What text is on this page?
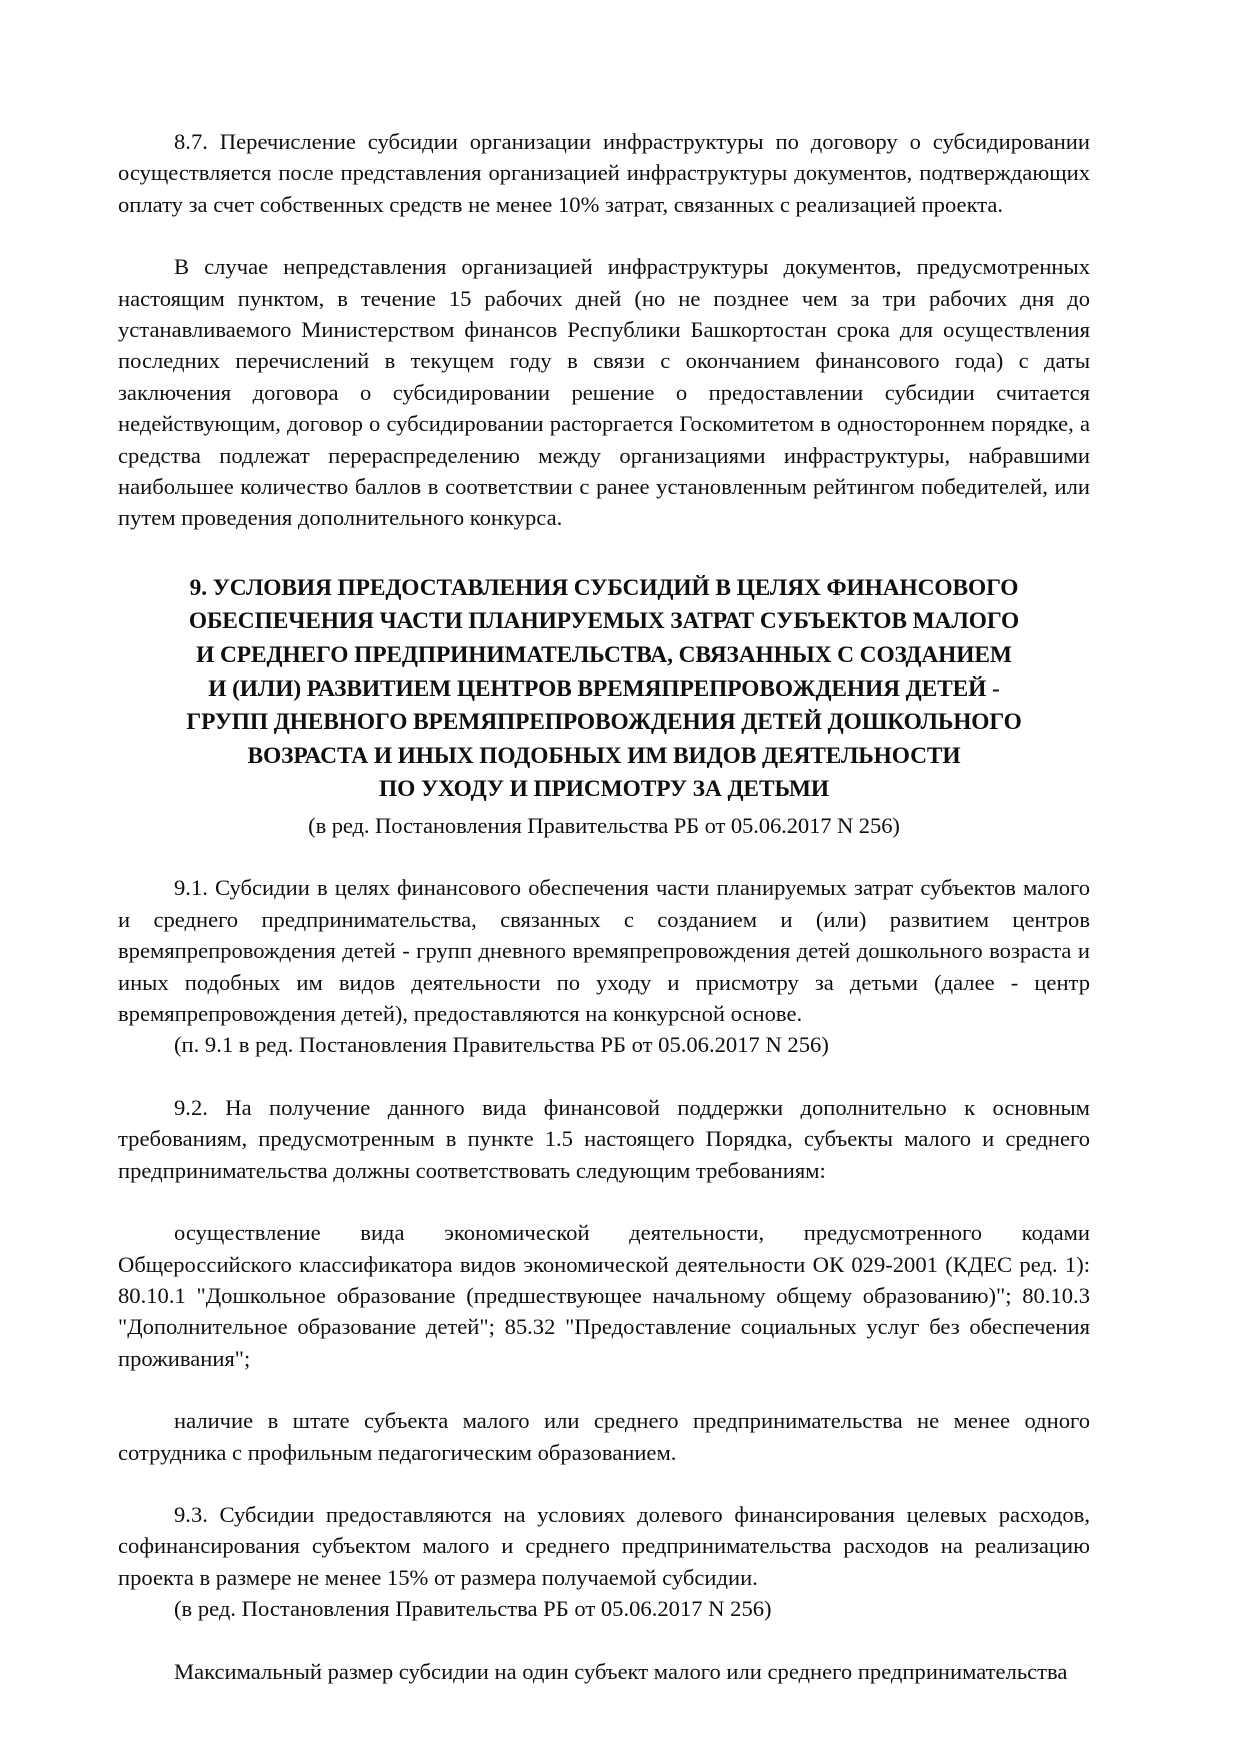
8.7. Перечисление субсидии организации инфраструктуры по договору о субсидировании осуществляется после представления организацией инфраструктуры документов, подтверждающих оплату за счет собственных средств не менее 10% затрат, связанных с реализацией проекта.

В случае непредставления организацией инфраструктуры документов, предусмотренных настоящим пунктом, в течение 15 рабочих дней (но не позднее чем за три рабочих дня до устанавливаемого Министерством финансов Республики Башкортостан срока для осуществления последних перечислений в текущем году в связи с окончанием финансового года) с даты заключения договора о субсидировании решение о предоставлении субсидии считается недействующим, договор о субсидировании расторгается Госкомитетом в одностороннем порядке, а средства подлежат перераспределению между организациями инфраструктуры, набравшими наибольшее количество баллов в соответствии с ранее установленным рейтингом победителей, или путем проведения дополнительного конкурса.

9. УСЛОВИЯ ПРЕДОСТАВЛЕНИЯ СУБСИДИЙ В ЦЕЛЯХ ФИНАНСОВОГО
ОБЕСПЕЧЕНИЯ ЧАСТИ ПЛАНИРУЕМЫХ ЗАТРАТ СУБЪЕКТОВ МАЛОГО
И СРЕДНЕГО ПРЕДПРИНИМАТЕЛЬСТВА, СВЯЗАННЫХ С СОЗДАНИЕМ
И (ИЛИ) РАЗВИТИЕМ ЦЕНТРОВ ВРЕМЯПРЕПРОВОЖДЕНИЯ ДЕТЕЙ -
ГРУПП ДНЕВНОГО ВРЕМЯПРЕПРОВОЖДЕНИЯ ДЕТЕЙ ДОШКОЛЬНОГО
ВОЗРАСТА И ИНЫХ ПОДОБНЫХ ИМ ВИДОВ ДЕЯТЕЛЬНОСТИ
ПО УХОДУ И ПРИСМОТРУ ЗА ДЕТЬМИ
(в ред. Постановления Правительства РБ от 05.06.2017 N 256)

9.1. Субсидии в целях финансового обеспечения части планируемых затрат субъектов малого и среднего предпринимательства, связанных с созданием и (или) развитием центров времяпрепровождения детей - групп дневного времяпрепровождения детей дошкольного возраста и иных подобных им видов деятельности по уходу и присмотру за детьми (далее - центр времяпрепровождения детей), предоставляются на конкурсной основе.

(п. 9.1 в ред. Постановления Правительства РБ от 05.06.2017 N 256)

9.2. На получение данного вида финансовой поддержки дополнительно к основным требованиям, предусмотренным в пункте 1.5 настоящего Порядка, субъекты малого и среднего предпринимательства должны соответствовать следующим требованиям:

осуществление вида экономической деятельности, предусмотренного кодами Общероссийского классификатора видов экономической деятельности ОК 029-2001 (КДЕС ред. 1): 80.10.1 "Дошкольное образование (предшествующее начальному общему образованию)"; 80.10.3 "Дополнительное образование детей"; 85.32 "Предоставление социальных услуг без обеспечения проживания";

наличие в штате субъекта малого или среднего предпринимательства не менее одного сотрудника с профильным педагогическим образованием.

9.3. Субсидии предоставляются на условиях долевого финансирования целевых расходов, софинансирования субъектом малого и среднего предпринимательства расходов на реализацию проекта в размере не менее 15% от размера получаемой субсидии.

(в ред. Постановления Правительства РБ от 05.06.2017 N 256)

Максимальный размер субсидии на один субъект малого или среднего предпринимательства
